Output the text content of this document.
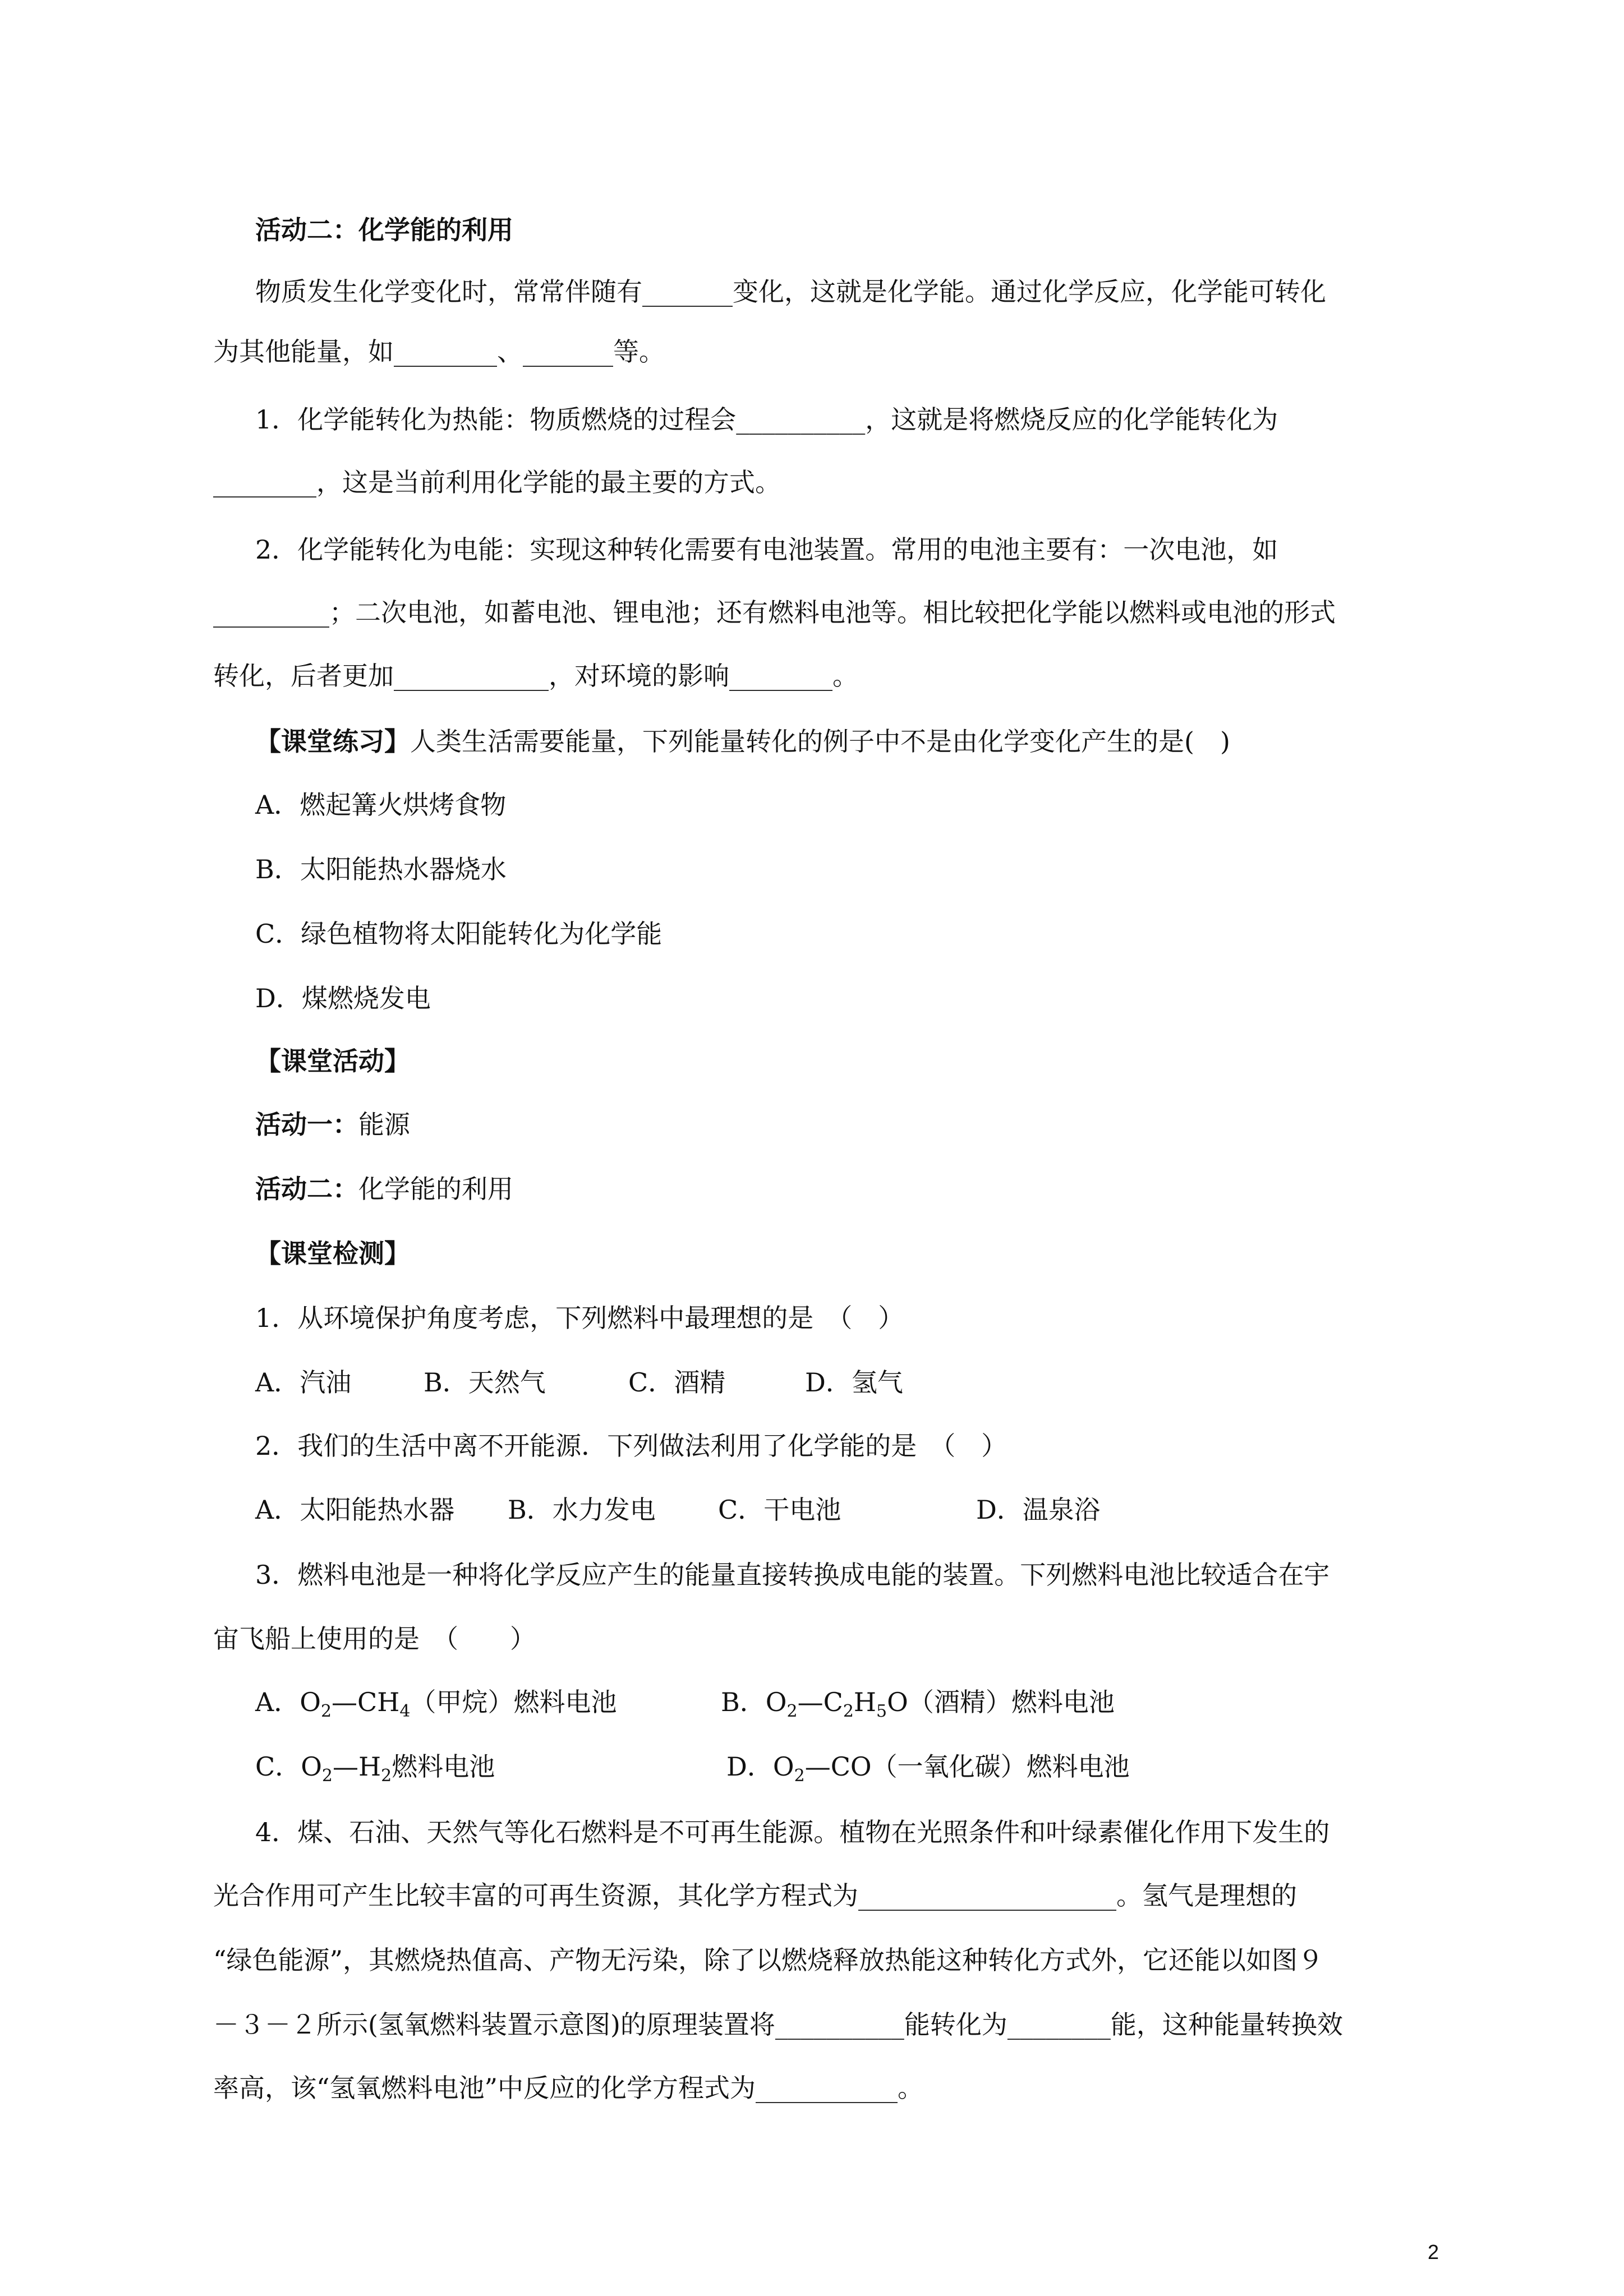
活动二：化学能的利用
物质发生化学变化时，常常伴随有_______变化，这就是化学能。通过化学反应，化学能可转化
为其他能量，如________、_______等。
1．化学能转化为热能：物质燃烧的过程会__________，这就是将燃烧反应的化学能转化为
________，这是当前利用化学能的最主要的方式。
2．化学能转化为电能：实现这种转化需要有电池装置。常用的电池主要有：一次电池，如
_________；二次电池，如蓄电池、锂电池；还有燃料电池等。相比较把化学能以燃料或电池的形式
转化，后者更加____________，对环境的影响________。
【课堂练习】人类生活需要能量，下列能量转化的例子中不是由化学变化产生的是(　)
A．燃起篝火烘烤食物
B．太阳能热水器烧水
C．绿色植物将太阳能转化为化学能
D．煤燃烧发电
【课堂活动】
活动一：能源
活动二：化学能的利用
【课堂检测】
1．从环境保护角度考虑，下列燃料中最理想的是　（　）
A．汽油	B．天然气	C．酒精	D．氢气
2．我们的生活中离不开能源．下列做法利用了化学能的是　（　）
A．太阳能热水器 B．水力发电 C．干电池	D．温泉浴
3．燃料电池是一种将化学反应产生的能量直接转换成电能的装置。下列燃料电池比较适合在宇
宙飞船上使用的是　（　　）
A．$O_2—CH_4$（甲烷）燃料电池	B．$O_2—C_2H_5O$（酒精）燃料电池
C．$O_2—H_2$燃料电池	D．$O_2—CO$（一氧化碳）燃料电池
4．煤、石油、天然气等化石燃料是不可再生能源。植物在光照条件和叶绿素催化作用下发生的
光合作用可产生比较丰富的可再生资源，其化学方程式为____________________。氢气是理想的
“绿色能源”，其燃烧热值高、产物无污染，除了以燃烧释放热能这种转化方式外，它还能以如图９
－３－２所示(氢氧燃料装置示意图)的原理装置将__________能转化为________能，这种能量转换效
率高，该“氢氧燃料电池”中反应的化学方程式为___________。
2
